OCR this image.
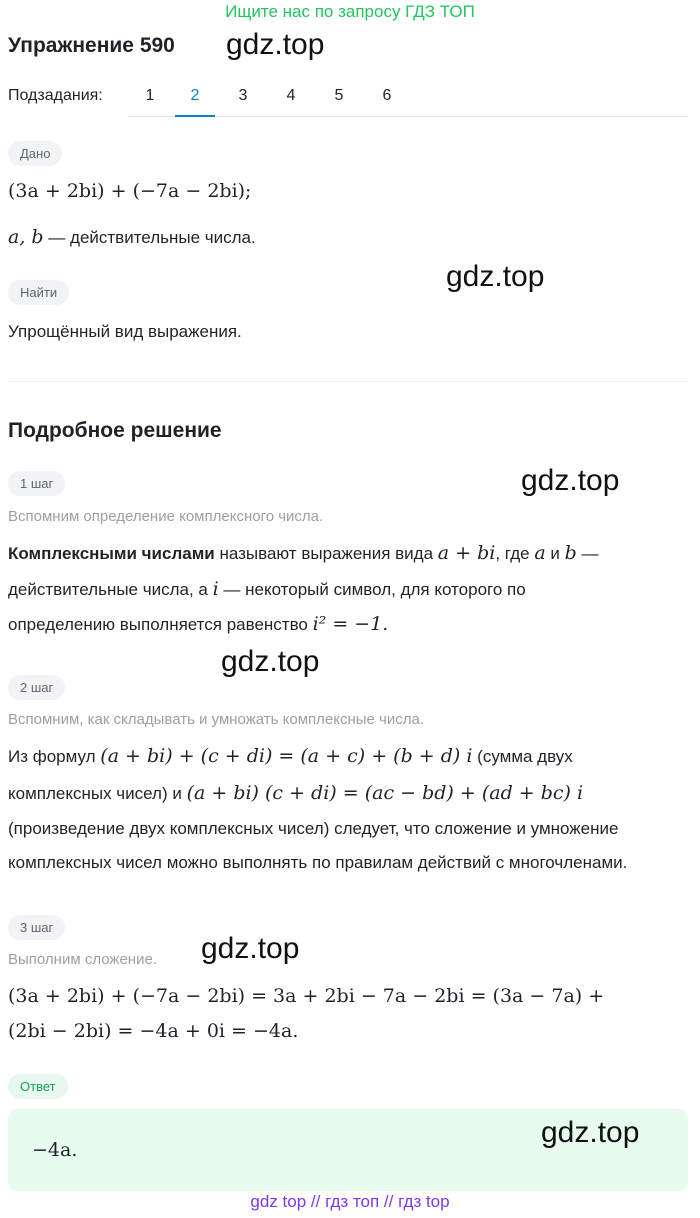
Ищите нас по запросу ГДЗ ТОП
Упражнение 590 gdz.top
Подзадания:	1	2	3	4	5	6
Дано
(3a + 2bi) + (−7a − 2bi);
a, b — действительные числа.
Найти	gdz.top
Упрощённый вид выражения.
Подробное решение
1 шаг	gdz.top
Вспомним определение комплексного числа.
Комплексными числами называют выражения вида a + bi, где a и b —
действительные числа, а i — некоторый символ, для которого по
определению выполняется равенство i² = −1.
gdz.top
2 шаг
Вспомним, как складывать и умножать комплексные числа.
Из формул (a + bi) + (c + di) = (a + c) + (b + d) i (сумма двух
комплексных чисел) и (a + bi) (c + di) = (ac − bd) + (ad + bc) i
(произведение двух комплексных чисел) следует, что сложение и умножение
комплексных чисел можно выполнять по правилам действий с многочленами.
3 шаг
gdz.top
Выполним сложение.
(3a + 2bi) + (−7a − 2bi) = 3a + 2bi − 7a − 2bi = (3a − 7a) +
(2bi − 2bi) = −4a + 0i = −4a.
Ответ
−4a.
gdz.top
gdz top // гдз топ // гдз top
